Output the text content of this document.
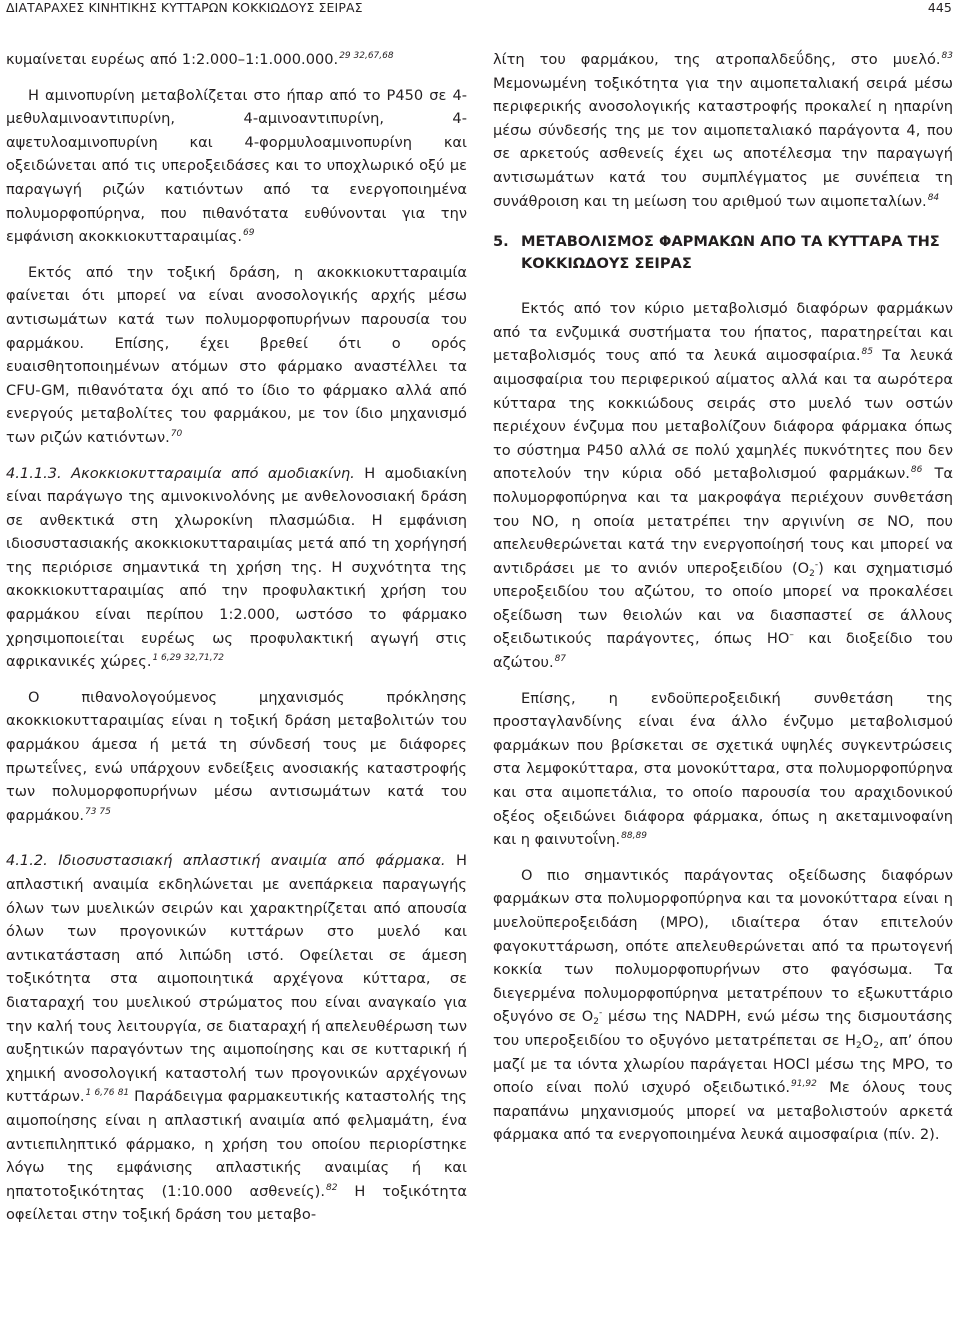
ΔΙΑΤΑΡΑΧΕΣ ΚΙΝΗΤΙΚΗΣ ΚΥΤΤΑΡΩΝ ΚΟΚΚΙΩΔΟΥΣ ΣΕΙΡΑΣ	445

κυμαίνεται ευρέως από 1:2.000–1:1.000.000.$^{29 32,67,68}$

Η αμινοπυρίνη μεταβολίζεται στο ήπαρ από το P450 σε 4-μεθυλαμινοαντιπυρίνη, 4-αμινοαντιπυρίνη, 4-αψετυλοαμινοπυρίνη και 4-φορμυλοαμινοπυρίνη και οξειδώνεται από τις υπεροξειδάσες και το υποχλωρικό οξύ με παραγωγή ριζών κατιόντων από τα ενεργοποιημένα πολυμορφοπύρηνα, που πιθανότατα ευθύνονται για την εμφάνιση ακοκκιοκυτταραιμίας.$^{69}$

Εκτός από την τοξική δράση, η ακοκκιοκυτταραιμία φαίνεται ότι μπορεί να είναι ανοσολογικής αρχής μέσω αντισωμάτων κατά των πολυμορφοπυρήνων παρουσία του φαρμάκου. Επίσης, έχει βρεθεί ότι ο ορός ευαισθητοποιημένων ατόμων στο φάρμακο αναστέλλει τα CFU-GM, πιθανότατα όχι από το ίδιο το φάρμακο αλλά από ενεργούς μεταβολίτες του φαρμάκου, με τον ίδιο μηχανισμό των ριζών κατιόντων.$^{70}$

4.1.1.3. Ακοκκιοκυτταραιμία από αμοδιακίνη. Η αμοδιακίνη είναι παράγωγο της αμινοκινολόνης με ανθελονοσιακή δράση σε ανθεκτικά στη χλωροκίνη πλασμώδια. Η εμφάνιση ιδιοσυστασιακής ακοκκιοκυτταραιμίας μετά από τη χορήγησή της περιόρισε σημαντικά τη χρήση της. Η συχνότητα της ακοκκιοκυτταραιμίας από την προφυλακτική χρήση του φαρμάκου είναι περίπου 1:2.000, ωστόσο το φάρμακο χρησιμοποιείται ευρέως ως προφυλακτική αγωγή στις αφρικανικές χώρες.$^{1 6,29 32,71,72}$

Ο πιθανολογούμενος μηχανισμός πρόκλησης ακοκκιοκυτταραιμίας είναι η τοξική δράση μεταβολιτών του φαρμάκου άμεσα ή μετά τη σύνδεσή τους με διάφορες πρωτεΐνες, ενώ υπάρχουν ενδείξεις ανοσιακής καταστροφής των πολυμορφοπυρήνων μέσω αντισωμάτων κατά του φαρμάκου.$^{73 75}$

4.1.2. Ιδιοσυστασιακή απλαστική αναιμία από φάρμακα. Η απλαστική αναιμία εκδηλώνεται με ανεπάρκεια παραγωγής όλων των μυελικών σειρών και χαρακτηρίζεται από απουσία όλων των προγονικών κυττάρων στο μυελό και αντικατάσταση από λιπώδη ιστό. Οφείλεται σε άμεση τοξικότητα στα αιμοποιητικά αρχέγονα κύτταρα, σε διαταραχή του μυελικού στρώματος που είναι αναγκαίο για την καλή τους λειτουργία, σε διαταραχή ή απελευθέρωση των αυξητικών παραγόντων της αιμοποίησης και σε κυτταρική ή χημική ανοσολογική καταστολή των προγονικών αρχέγονων κυττάρων.$^{1 6,76 81}$ Παράδειγμα φαρμακευτικής καταστολής της αιμοποίησης είναι η απλαστική αναιμία από φελμαμάτη, ένα αντιεπιληπτικό φάρμακο, η χρήση του οποίου περιορίστηκε λόγω της εμφάνισης απλαστικής αναιμίας ή και ηπατοτοξικότητας (1:10.000 ασθενείς).$^{82}$ Η τοξικότητα οφείλεται στην τοξική δράση του μεταβο-

λίτη του φαρμάκου, της ατροπαλδεΰδης, στο μυελό.$^{83}$ Μεμονωμένη τοξικότητα για την αιμοπεταλιακή σειρά μέσω περιφερικής ανοσολογικής καταστροφής προκαλεί η ηπαρίνη μέσω σύνδεσής της με τον αιμοπεταλιακό παράγοντα 4, που σε αρκετούς ασθενείς έχει ως αποτέλεσμα την παραγωγή αντισωμάτων κατά του συμπλέγματος με συνέπεια τη συνάθροιση και τη μείωση του αριθμού των αιμοπεταλίων.$^{84}$

5. ΜΕΤΑΒΟΛΙΣΜΟΣ ΦΑΡΜΑΚΩΝ ΑΠΟ ΤΑ ΚΥΤΤΑΡΑ ΤΗΣ ΚΟΚΚΙΩΔΟΥΣ ΣΕΙΡΑΣ

Εκτός από τον κύριο μεταβολισμό διαφόρων φαρμάκων από τα ενζυμικά συστήματα του ήπατος, παρατηρείται και μεταβολισμός τους από τα λευκά αιμοσφαίρια.$^{85}$ Τα λευκά αιμοσφαίρια του περιφερικού αίματος αλλά και τα αωρότερα κύτταρα της κοκκιώδους σειράς στο μυελό των οστών περιέχουν ένζυμα που μεταβολίζουν διάφορα φάρμακα όπως το σύστημα P450 αλλά σε πολύ χαμηλές πυκνότητες που δεν αποτελούν την κύρια οδό μεταβολισμού φαρμάκων.$^{86}$ Τα πολυμορφοπύρηνα και τα μακροφάγα περιέχουν συνθετάση του NO, η οποία μετατρέπει την αργινίνη σε NO, που απελευθερώνεται κατά την ενεργοποίησή τους και μπορεί να αντιδράσει με το ανιόν υπεροξειδίου $(O_2^-)$ και σχηματισμό υπεροξειδίου του αζώτου, το οποίο μπορεί να προκαλέσει οξείδωση των θειολών και να διασπαστεί σε άλλους οξειδωτικούς παράγοντες, όπως HO– και διοξείδιο του αζώτου.$^{87}$

Επίσης, η ενδοϋπεροξειδική συνθετάση της προσταγλανδίνης είναι ένα άλλο ένζυμο μεταβολισμού φαρμάκων που βρίσκεται σε σχετικά υψηλές συγκεντρώσεις στα λεμφοκύτταρα, στα μονοκύτταρα, στα πολυμορφοπύρηνα και στα αιμοπετάλια, το οποίο παρουσία του αραχιδονικού οξέος οξειδώνει διάφορα φάρμακα, όπως η ακεταμινοφαίνη και η φαινυτοΐνη.$^{88,89}$

Ο πιο σημαντικός παράγοντας οξείδωσης διαφόρων φαρμάκων στα πολυμορφοπύρηνα και τα μονοκύτταρα είναι η μυελοϋπεροξειδάση (MPO), ιδιαίτερα όταν επιτελούν φαγοκυττάρωση, οπότε απελευθερώνεται από τα πρωτογενή κοκκία των πολυμορφοπυρήνων στο φαγόσωμα. Τα διεγερμένα πολυμορφοπύρηνα μετατρέπουν το εξωκυττάριο οξυγόνο σε $O_2^-$ μέσω της NADPH, ενώ μέσω της δισμουτάσης του υπεροξειδίου το οξυγόνο μετατρέπεται σε $H_2O_2$, απ’ όπου μαζί με τα ιόντα χλωρίου παράγεται HOCl μέσω της MPO, το οποίο είναι πολύ ισχυρό οξειδωτικό.$^{91,92}$ Με όλους τους παραπάνω μηχανισμούς μπορεί να μεταβολιστούν αρκετά φάρμακα από τα ενεργοποιημένα λευκά αιμοσφαίρια (πίν. 2).
